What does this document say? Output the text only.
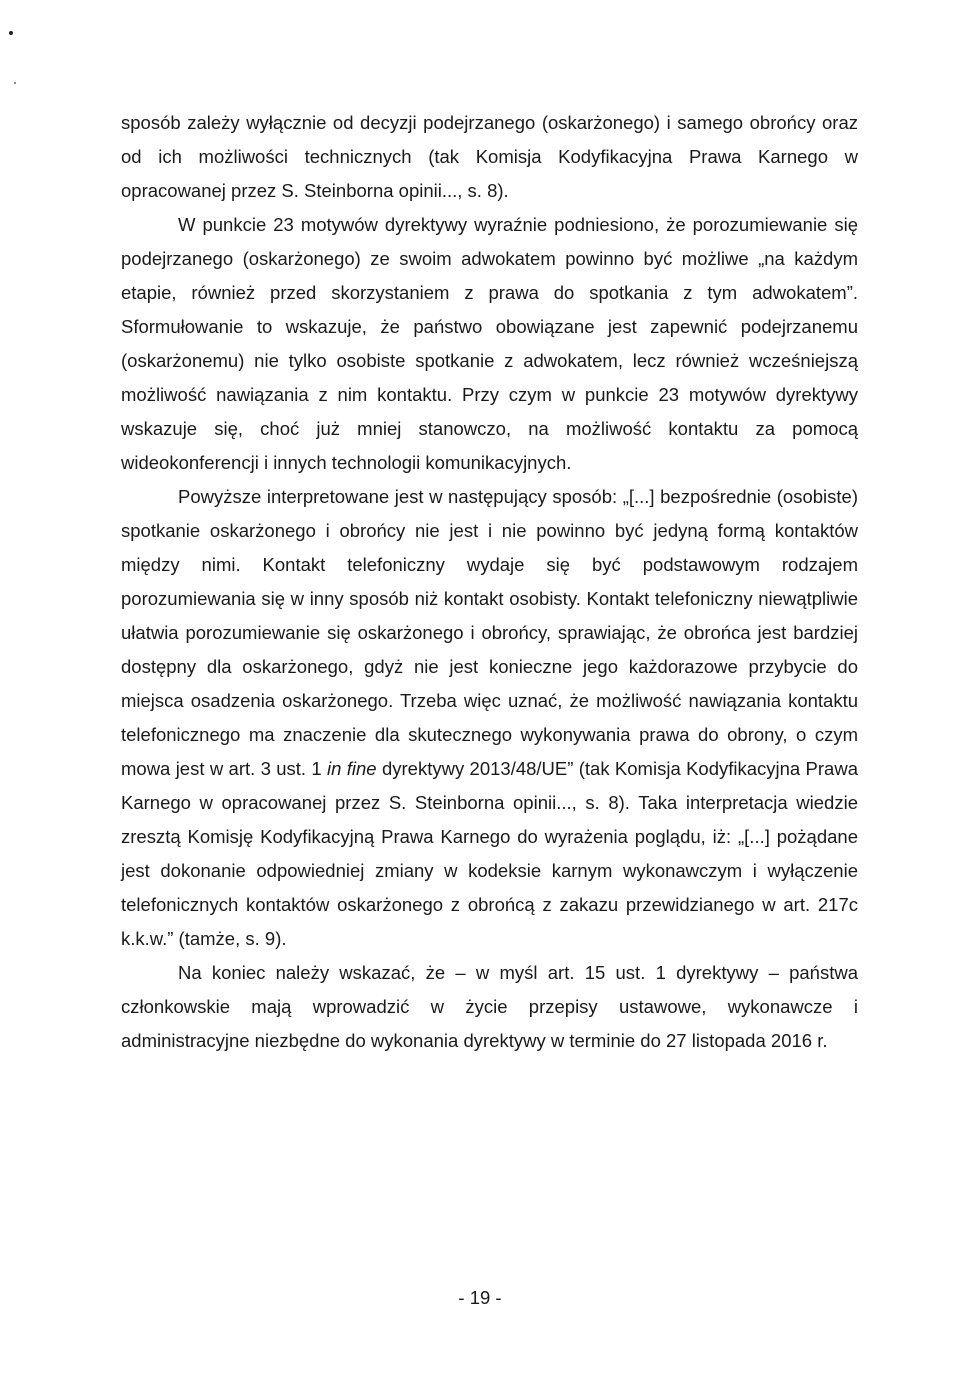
sposób zależy wyłącznie od decyzji podejrzanego (oskarżonego) i samego obrońcy oraz od ich możliwości technicznych (tak Komisja Kodyfikacyjna Prawa Karnego w opracowanej przez S. Steinborna opinii..., s. 8).

W punkcie 23 motywów dyrektywy wyraźnie podniesiono, że porozumiewanie się podejrzanego (oskarżonego) ze swoim adwokatem powinno być możliwe „na każdym etapie, również przed skorzystaniem z prawa do spotkania z tym adwokatem”. Sformułowanie to wskazuje, że państwo obowiązane jest zapewnić podejrzanemu (oskarżonemu) nie tylko osobiste spotkanie z adwokatem, lecz również wcześniejszą możliwość nawiązania z nim kontaktu. Przy czym w punkcie 23 motywów dyrektywy wskazuje się, choć już mniej stanowczo, na możliwość kontaktu za pomocą wideokonferencji i innych technologii komunikacyjnych.

Powyższe interpretowane jest w następujący sposób: „[...] bezpośrednie (osobiste) spotkanie oskarżonego i obrońcy nie jest i nie powinno być jedyną formą kontaktów między nimi. Kontakt telefoniczny wydaje się być podstawowym rodzajem porozumiewania się w inny sposób niż kontakt osobisty. Kontakt telefoniczny niewątpliwie ułatwia porozumiewanie się oskarżonego i obrońcy, sprawiając, że obrońca jest bardziej dostępny dla oskarżonego, gdyż nie jest konieczne jego każdorazowe przybycie do miejsca osadzenia oskarżonego. Trzeba więc uznać, że możliwość nawiązania kontaktu telefonicznego ma znaczenie dla skutecznego wykonywania prawa do obrony, o czym mowa jest w art. 3 ust. 1 in fine dyrektywy 2013/48/UE” (tak Komisja Kodyfikacyjna Prawa Karnego w opracowanej przez S. Steinborna opinii..., s. 8). Taka interpretacja wiedzie zresztą Komisję Kodyfikacyjną Prawa Karnego do wyrażenia poglądu, iż: „[...] pożądane jest dokonanie odpowiedniej zmiany w kodeksie karnym wykonawczym i wyłączenie telefonicznych kontaktów oskarżonego z obrońcą z zakazu przewidzianego w art. 217c k.k.w.” (tamże, s. 9).

Na koniec należy wskazać, że – w myśl art. 15 ust. 1 dyrektywy – państwa członkowskie mają wprowadzić w życie przepisy ustawowe, wykonawcze i administracyjne niezbędne do wykonania dyrektywy w terminie do 27 listopada 2016 r.

- 19 -
